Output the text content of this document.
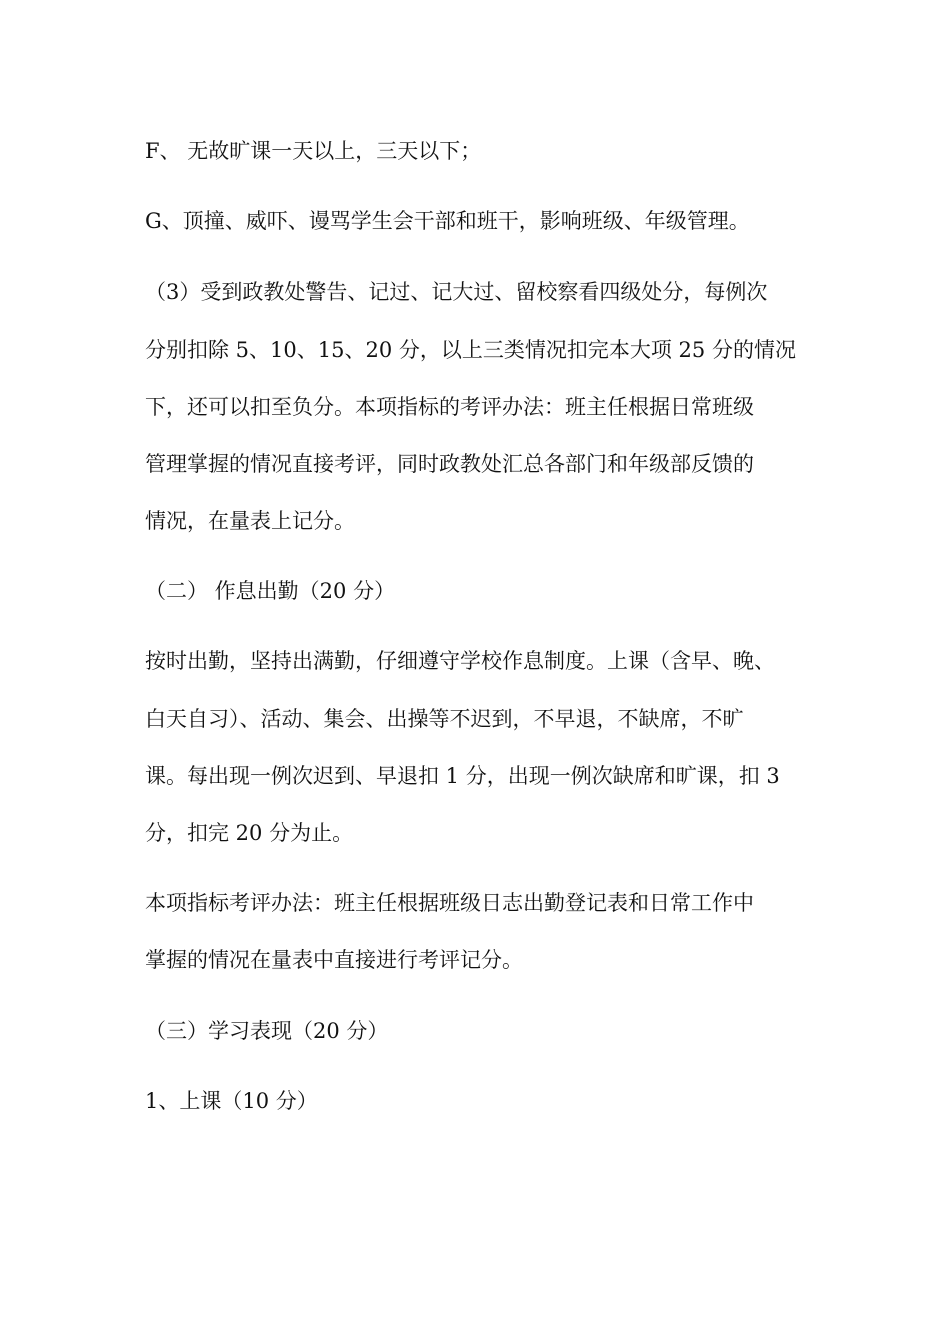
F、 无故旷课一天以上，三天以下；
G、顶撞、威吓、谩骂学生会干部和班干，影响班级、年级管理。
（3）受到政教处警告、记过、记大过、留校察看四级处分，每例次
分别扣除 5、10、15、20 分，以上三类情况扣完本大项 25 分的情况
下，还可以扣至负分。本项指标的考评办法：班主任根据日常班级
管理掌握的情况直接考评，同时政教处汇总各部门和年级部反馈的
情况，在量表上记分。
（二） 作息出勤（20 分）
按时出勤，坚持出满勤，仔细遵守学校作息制度。上课（含早、晚、
白天自习）、活动、集会、出操等不迟到，不早退，不缺席，不旷
课。每出现一例次迟到、早退扣 1 分，出现一例次缺席和旷课，扣 3
分，扣完 20 分为止。
本项指标考评办法：班主任根据班级日志出勤登记表和日常工作中
掌握的情况在量表中直接进行考评记分。
（三）学习表现（20 分）
1、上课（10 分）
